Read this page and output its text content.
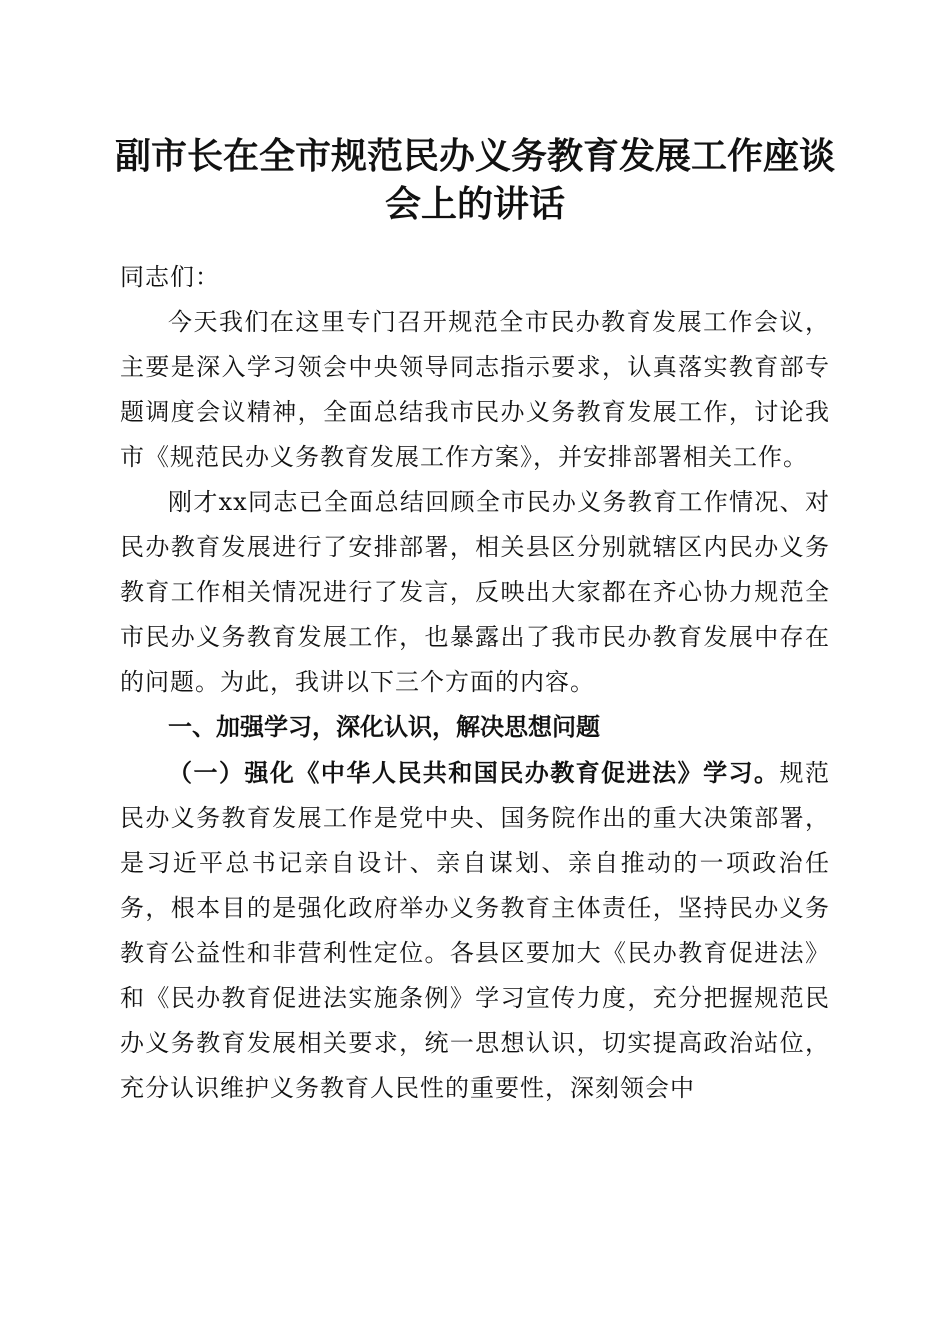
副市长在全市规范民办义务教育发展工作座谈会上的讲话

同志们：

今天我们在这里专门召开规范全市民办教育发展工作会议，主要是深入学习领会中央领导同志指示要求，认真落实教育部专题调度会议精神，全面总结我市民办义务教育发展工作，讨论我市《规范民办义务教育发展工作方案》，并安排部署相关工作。

刚才xx同志已全面总结回顾全市民办义务教育工作情况、对民办教育发展进行了安排部署，相关县区分别就辖区内民办义务教育工作相关情况进行了发言，反映出大家都在齐心协力规范全市民办义务教育发展工作，也暴露出了我市民办教育发展中存在的问题。为此，我讲以下三个方面的内容。

一、加强学习，深化认识，解决思想问题

（一）强化《中华人民共和国民办教育促进法》学习。规范民办义务教育发展工作是党中央、国务院作出的重大决策部署，是习近平总书记亲自设计、亲自谋划、亲自推动的一项政治任务，根本目的是强化政府举办义务教育主体责任，坚持民办义务教育公益性和非营利性定位。各县区要加大《民办教育促进法》和《民办教育促进法实施条例》学习宣传力度，充分把握规范民办义务教育发展相关要求，统一思想认识，切实提高政治站位，充分认识维护义务教育人民性的重要性，深刻领会中
